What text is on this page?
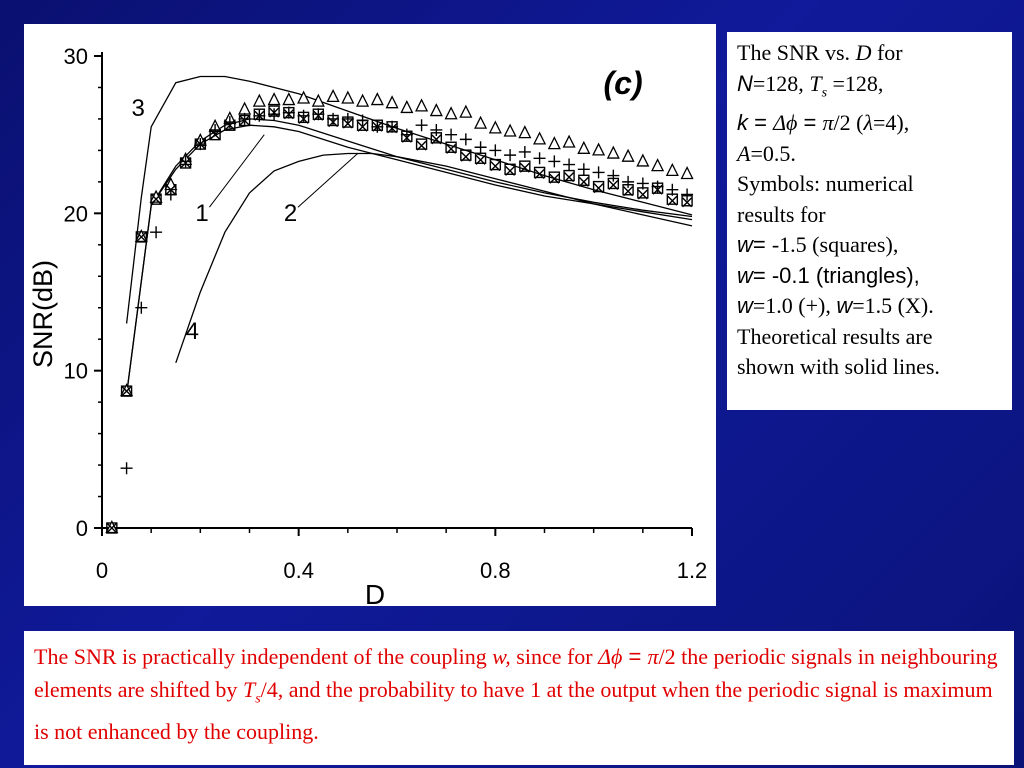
0
10
20
30
0	0.4	0.8	1.2
D
SNR(dB)
(c)
1	2
3
4
The SNR vs. D for
N=128, $T_s =128$,
k = Δϕ = π/2 (λ=4),
A=0.5.
Symbols: numerical
results for
w= -1.5 (squares),
w= -0.1 (triangles),
w=1.0 (+), w=1.5 (X).
Theoretical results are
shown with solid lines.
The SNR is practically independent of the coupling w, since for Δϕ = π/2 the periodic signals in neighbouring elements are shifted by $T_s/4$, and the probability to have 1 at the output when the periodic signal is maximum is not enhanced by the coupling.
